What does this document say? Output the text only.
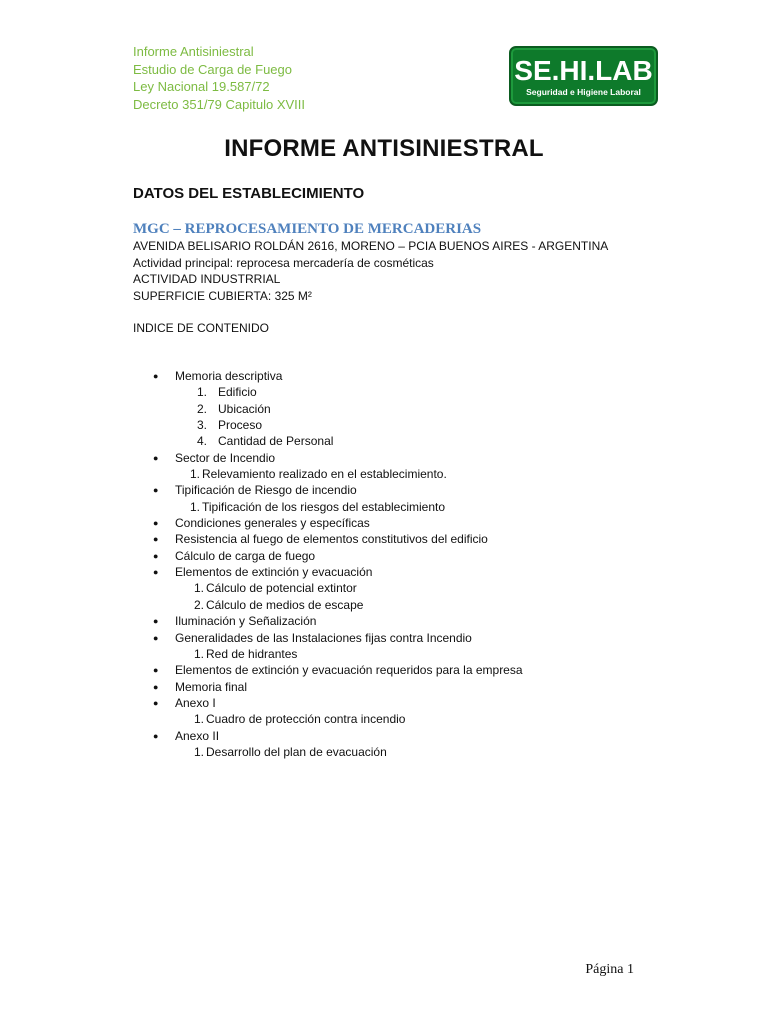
Informe Antisiniestral
Estudio de Carga de Fuego
Ley Nacional 19.587/72
Decreto 351/79 Capitulo XVIII
SE.HI.LAB
Seguridad e Higiene Laboral
INFORME ANTISINIESTRAL
DATOS DEL ESTABLECIMIENTO
MGC – REPROCESAMIENTO DE MERCADERIAS
AVENIDA BELISARIO ROLDÁN 2616, MORENO – PCIA BUENOS AIRES - ARGENTINA
Actividad principal: reprocesa mercadería de cosméticas
ACTIVIDAD INDUSTRRIAL
SUPERFICIE CUBIERTA: 325 M²
INDICE DE CONTENIDO
● Memoria descriptiva
1. Edificio
2. Ubicación
3. Proceso
4. Cantidad de Personal
● Sector de Incendio
1. Relevamiento realizado en el establecimiento.
● Tipificación de Riesgo de incendio
1. Tipificación de los riesgos del establecimiento
● Condiciones generales y específicas
● Resistencia al fuego de elementos constitutivos del edificio
● Cálculo de carga de fuego
● Elementos de extinción y evacuación
1. Cálculo de potencial extintor
2. Cálculo de medios de escape
● Iluminación y Señalización
● Generalidades de las Instalaciones fijas contra Incendio
1. Red de hidrantes
● Elementos de extinción y evacuación requeridos para la empresa
● Memoria final
● Anexo I
1. Cuadro de protección contra incendio
● Anexo II
1. Desarrollo del plan de evacuación
Página 1
